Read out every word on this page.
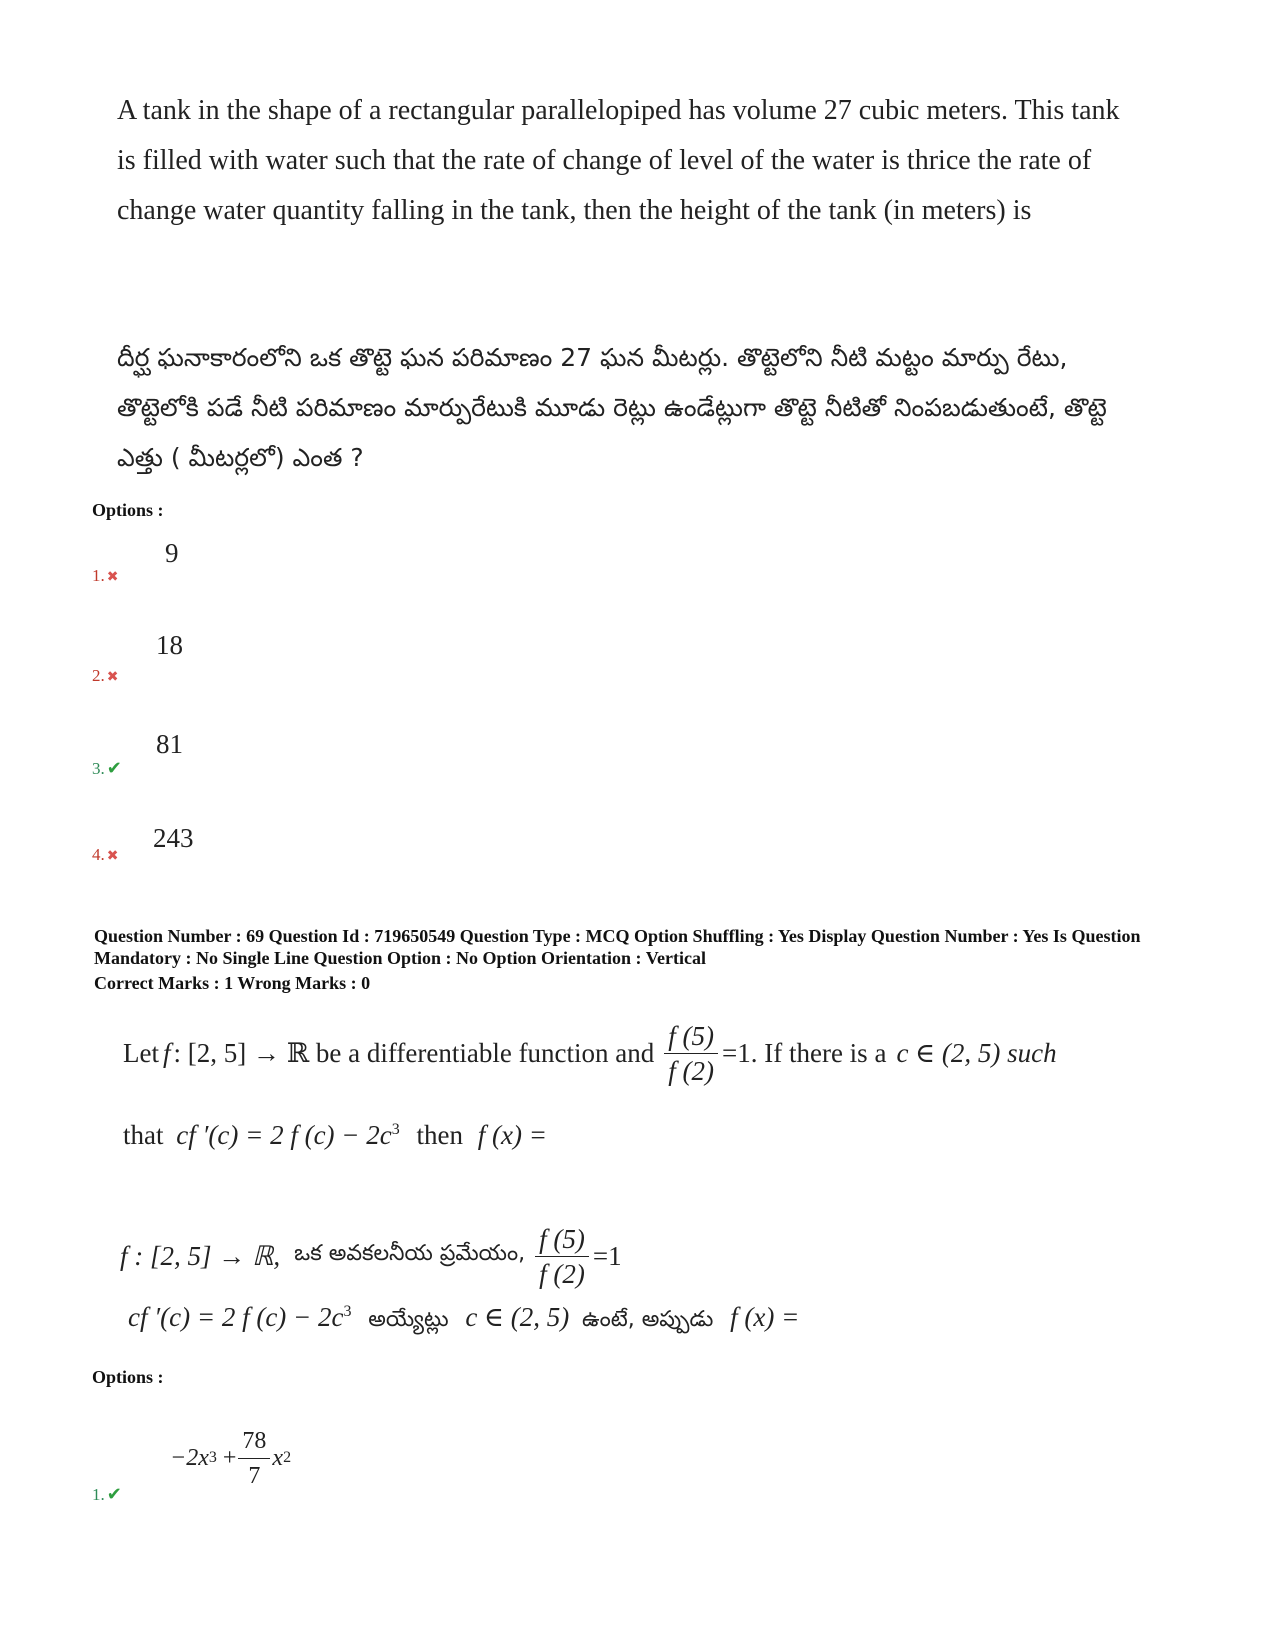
A tank in the shape of a rectangular parallelopiped has volume 27 cubic meters. This tank is filled with water such that the rate of change of level of the water is thrice the rate of change water quantity falling in the tank, then the height of the tank (in meters) is
దీర్ఘ ఘనాకారంలోని ఒక తొట్టె ఘన పరిమాణం 27 ఘన మీటర్లు. తొట్టెలోని నీటి మట్టం మార్పు రేటు, తొట్టెలోకి పడే నీటి పరిమాణం మార్పురేటుకి మూడు రెట్లు ఉండేట్లుగా తొట్టె నీటితో నింపబడుతుంటే, తొట్టె ఎత్తు ( మీటర్లలో) ఎంత ?
Options :
9
1. ✖
18
2. ✖
81
3. ✔
243
4. ✖
Question Number : 69 Question Id : 719650549 Question Type : MCQ Option Shuffling : Yes Display Question Number : Yes Is Question Mandatory : No Single Line Question Option : No Option Orientation : Vertical
Correct Marks : 1 Wrong Marks : 0
Let f : [2, 5] → ℝ be a differentiable function and $\frac{f (5)}{f (2)} =1$. If there is a c ∈ (2, 5) such
that cf ′(c) = 2 f $(c) - 2c^3$ then f (x) =
f : [2, 5] → ℝ, ఒక అవకలనీయ ప్రమేయం, $\frac{f (5)}{f (2)} =1$
cf ′(c) = 2 f $(c) - 2c^3$ అయ్యేట్లు c ∈ (2, 5) ఉంటే, అప్పుడు f (x) =
Options :
−2x $3 + \frac{78}{7}$ x 2
1. ✔
